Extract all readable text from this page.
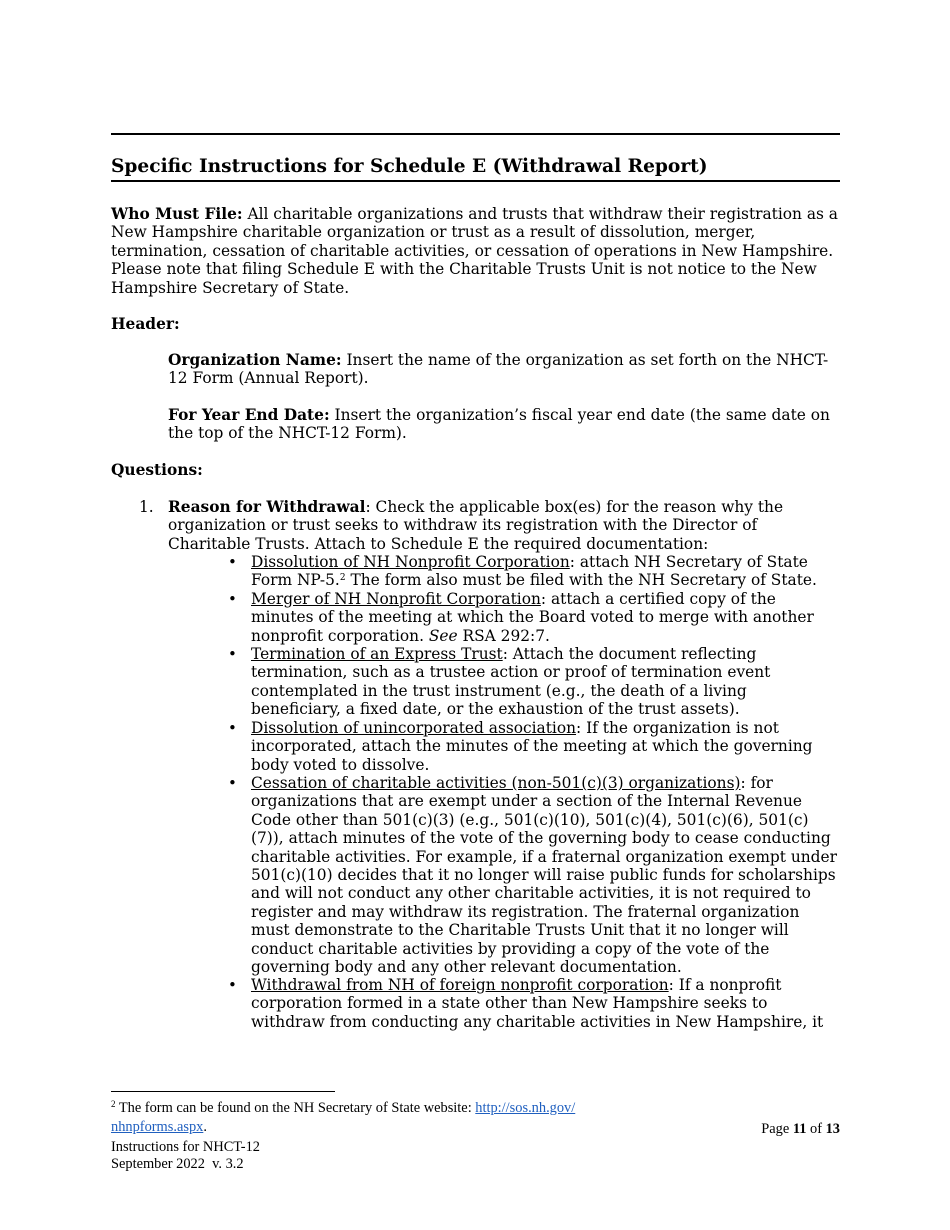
Specific Instructions for Schedule E (Withdrawal Report)
Who Must File: All charitable organizations and trusts that withdraw their registration as a New Hampshire charitable organization or trust as a result of dissolution, merger, termination, cessation of charitable activities, or cessation of operations in New Hampshire. Please note that filing Schedule E with the Charitable Trusts Unit is not notice to the New Hampshire Secretary of State.
Header:
Organization Name: Insert the name of the organization as set forth on the NHCT-12 Form (Annual Report).
For Year End Date: Insert the organization’s fiscal year end date (the same date on the top of the NHCT-12 Form).
Questions:
1. Reason for Withdrawal: Check the applicable box(es) for the reason why the organization or trust seeks to withdraw its registration with the Director of Charitable Trusts. Attach to Schedule E the required documentation:
• Dissolution of NH Nonprofit Corporation: attach NH Secretary of State Form NP-5.$^2$ The form also must be filed with the NH Secretary of State.
• Merger of NH Nonprofit Corporation: attach a certified copy of the minutes of the meeting at which the Board voted to merge with another nonprofit corporation. See RSA 292:7.
• Termination of an Express Trust: Attach the document reflecting termination, such as a trustee action or proof of termination event contemplated in the trust instrument (e.g., the death of a living beneficiary, a fixed date, or the exhaustion of the trust assets).
• Dissolution of unincorporated association: If the organization is not incorporated, attach the minutes of the meeting at which the governing body voted to dissolve.
• Cessation of charitable activities (non-501(c)(3) organizations): for organizations that are exempt under a section of the Internal Revenue Code other than 501(c)(3) (e.g., 501(c)(10), 501(c)(4), 501(c)(6), 501(c) (7)), attach minutes of the vote of the governing body to cease conducting charitable activities. For example, if a fraternal organization exempt under 501(c)(10) decides that it no longer will raise public funds for scholarships and will not conduct any other charitable activities, it is not required to register and may withdraw its registration. The fraternal organization must demonstrate to the Charitable Trusts Unit that it no longer will conduct charitable activities by providing a copy of the vote of the governing body and any other relevant documentation.
• Withdrawal from NH of foreign nonprofit corporation: If a nonprofit corporation formed in a state other than New Hampshire seeks to withdraw from conducting any charitable activities in New Hampshire, it
$^2$ The form can be found on the NH Secretary of State website: http://sos.nh.gov/
nhnpforms.aspx.	Page 11 of 13
Instructions for NHCT-12
September 2022  v. 3.2
